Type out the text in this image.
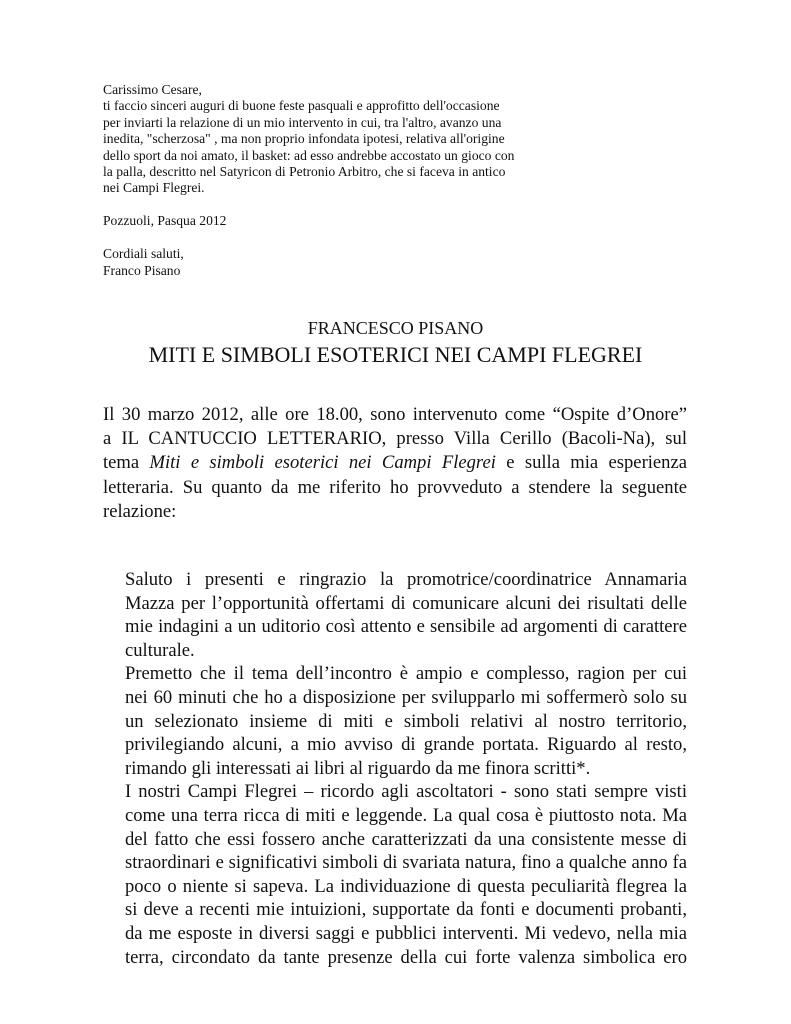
Carissimo Cesare,

ti faccio sinceri auguri di buone feste pasquali e approfitto dell'occasione

per inviarti la relazione di un mio intervento in cui, tra l'altro, avanzo una

inedita, "scherzosa" , ma non proprio infondata ipotesi, relativa all'origine

dello sport da noi amato, il basket: ad esso andrebbe accostato un gioco con

la palla, descritto nel Satyricon di Petronio Arbitro, che si faceva in antico

nei Campi Flegrei.

Pozzuoli, Pasqua 2012

Cordiali saluti,

Franco Pisano

FRANCESCO PISANO
MITI E SIMBOLI ESOTERICI NEI CAMPI FLEGREI
Il 30 marzo 2012, alle ore 18.00, sono intervenuto come “Ospite d’Onore”
a IL CANTUCCIO LETTERARIO, presso Villa Cerillo (Bacoli-Na), sul
tema Miti e simboli esoterici nei Campi Flegrei e sulla mia esperienza
letteraria. Su quanto da me riferito ho provveduto a stendere la seguente
relazione:

Saluto i presenti e ringrazio la promotrice/coordinatrice Annamaria
Mazza per l’opportunità offertami di comunicare alcuni dei risultati delle
mie indagini a un uditorio così attento e sensibile ad argomenti di carattere
culturale.

Premetto che il tema dell’incontro è ampio e complesso, ragion per cui
nei 60 minuti che ho a disposizione per svilupparlo mi soffermerò solo su
un selezionato insieme di miti e simboli relativi al nostro territorio,
privilegiando alcuni, a mio avviso di grande portata. Riguardo al resto,
rimando gli interessati ai libri al riguardo da me finora scritti*.

I nostri Campi Flegrei – ricordo agli ascoltatori - sono stati sempre visti
come una terra ricca di miti e leggende. La qual cosa è piuttosto nota. Ma
del fatto che essi fossero anche caratterizzati da una consistente messe di
straordinari e significativi simboli di svariata natura, fino a qualche anno fa
poco o niente si sapeva. La individuazione di questa peculiarità flegrea la
si deve a recenti mie intuizioni, supportate da fonti e documenti probanti,
da me esposte in diversi saggi e pubblici interventi. Mi vedevo, nella mia
terra, circondato da tante presenze della cui forte valenza simbolica ero
